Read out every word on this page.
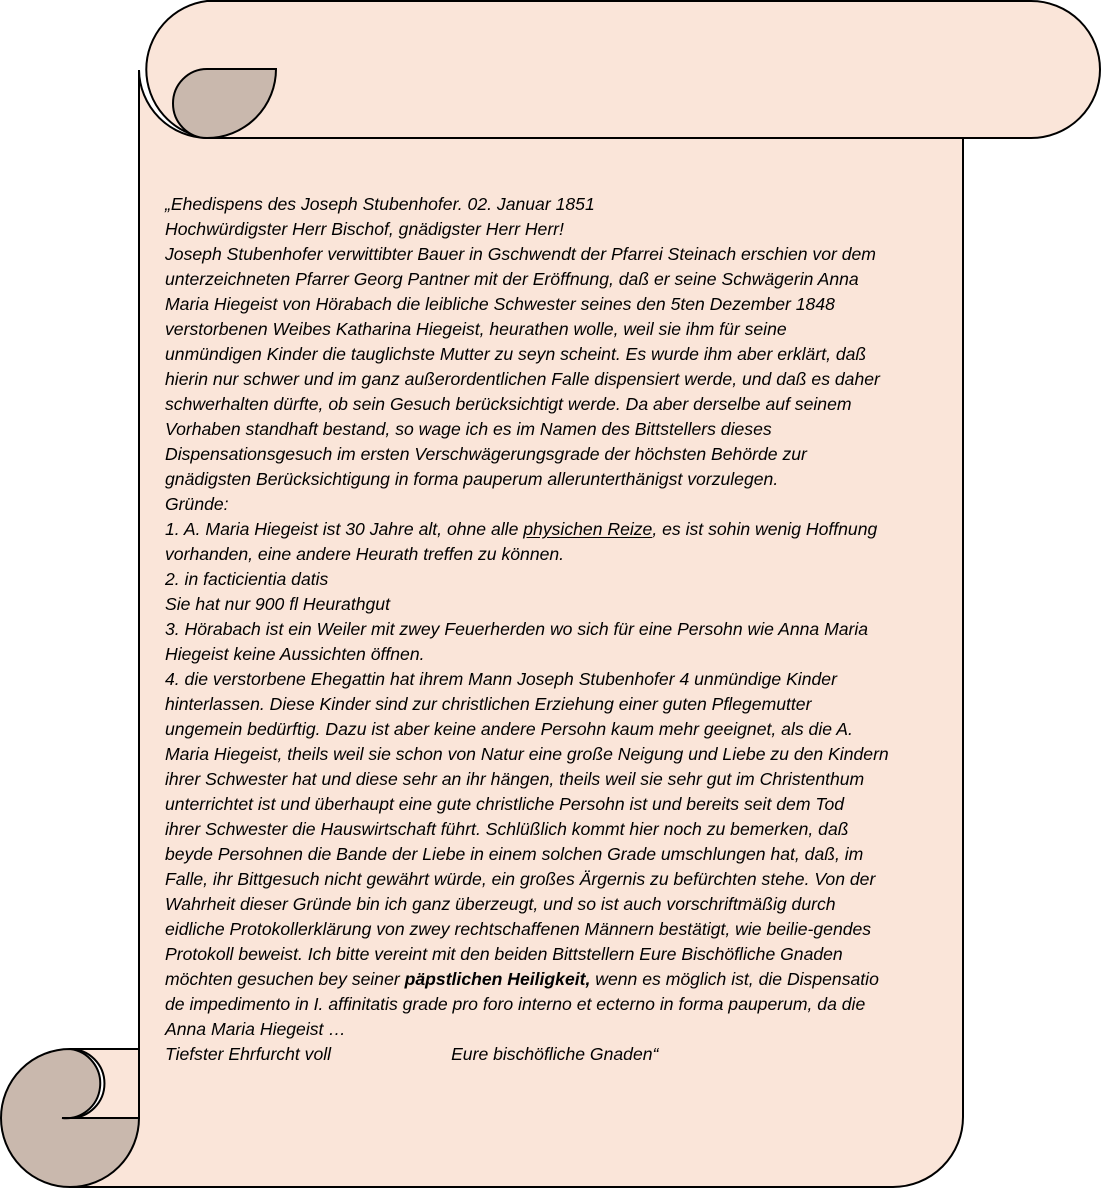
„Ehedispens des Joseph Stubenhofer. 02. Januar 1851
Hochwürdigster Herr Bischof, gnädigster Herr Herr!
Joseph Stubenhofer verwittibter Bauer in Gschwendt der Pfarrei Steinach erschien vor dem
unterzeichneten Pfarrer Georg Pantner mit der Eröffnung, daß er seine Schwägerin Anna
Maria Hiegeist von Hörabach die leibliche Schwester seines den 5ten Dezember 1848
verstorbenen Weibes Katharina Hiegeist, heurathen wolle, weil sie ihm für seine
unmündigen Kinder die tauglichste Mutter zu seyn scheint. Es wurde ihm aber erklärt, daß
hierin nur schwer und im ganz außerordentlichen Falle dispensiert werde, und daß es daher
schwerhalten dürfte, ob sein Gesuch berücksichtigt werde. Da aber derselbe auf seinem
Vorhaben standhaft bestand, so wage ich es im Namen des Bittstellers dieses
Dispensationsgesuch im ersten Verschwägerungsgrade der höchsten Behörde zur
gnädigsten Berücksichtigung in forma pauperum allerunterthänigst vorzulegen.
Gründe:
1. A. Maria Hiegeist ist 30 Jahre alt, ohne alle physichen Reize, es ist sohin wenig Hoffnung
vorhanden, eine andere Heurath treffen zu können.
2. in facticientia datis
Sie hat nur 900 fl Heurathgut
3. Hörabach ist ein Weiler mit zwey Feuerherden wo sich für eine Persohn wie Anna Maria
Hiegeist keine Aussichten öffnen.
4. die verstorbene Ehegattin hat ihrem Mann Joseph Stubenhofer 4 unmündige Kinder
hinterlassen. Diese Kinder sind zur christlichen Erziehung einer guten Pflegemutter
ungemein bedürftig. Dazu ist aber keine andere Persohn kaum mehr geeignet, als die A.
Maria Hiegeist, theils weil sie schon von Natur eine große Neigung und Liebe zu den Kindern
ihrer Schwester hat und diese sehr an ihr hängen, theils weil sie sehr gut im Christenthum
unterrichtet ist und überhaupt eine gute christliche Persohn ist und bereits seit dem Tod
ihrer Schwester die Hauswirtschaft führt. Schlüßlich kommt hier noch zu bemerken, daß
beyde Persohnen die Bande der Liebe in einem solchen Grade umschlungen hat, daß, im
Falle, ihr Bittgesuch nicht gewährt würde, ein großes Ärgernis zu befürchten stehe. Von der
Wahrheit dieser Gründe bin ich ganz überzeugt, und so ist auch vorschriftmäßig durch
eidliche Protokollerklärung von zwey rechtschaffenen Männern bestätigt, wie beilie-gendes
Protokoll beweist. Ich bitte vereint mit den beiden Bittstellern Eure Bischöfliche Gnaden
möchten gesuchen bey seiner päpstlichen Heiligkeit, wenn es möglich ist, die Dispensatio
de impedimento in I. affinitatis grade pro foro interno et ecterno in forma pauperum, da die
Anna Maria Hiegeist …
Tiefster Ehrfurcht voll	Eure bischöfliche Gnaden“
